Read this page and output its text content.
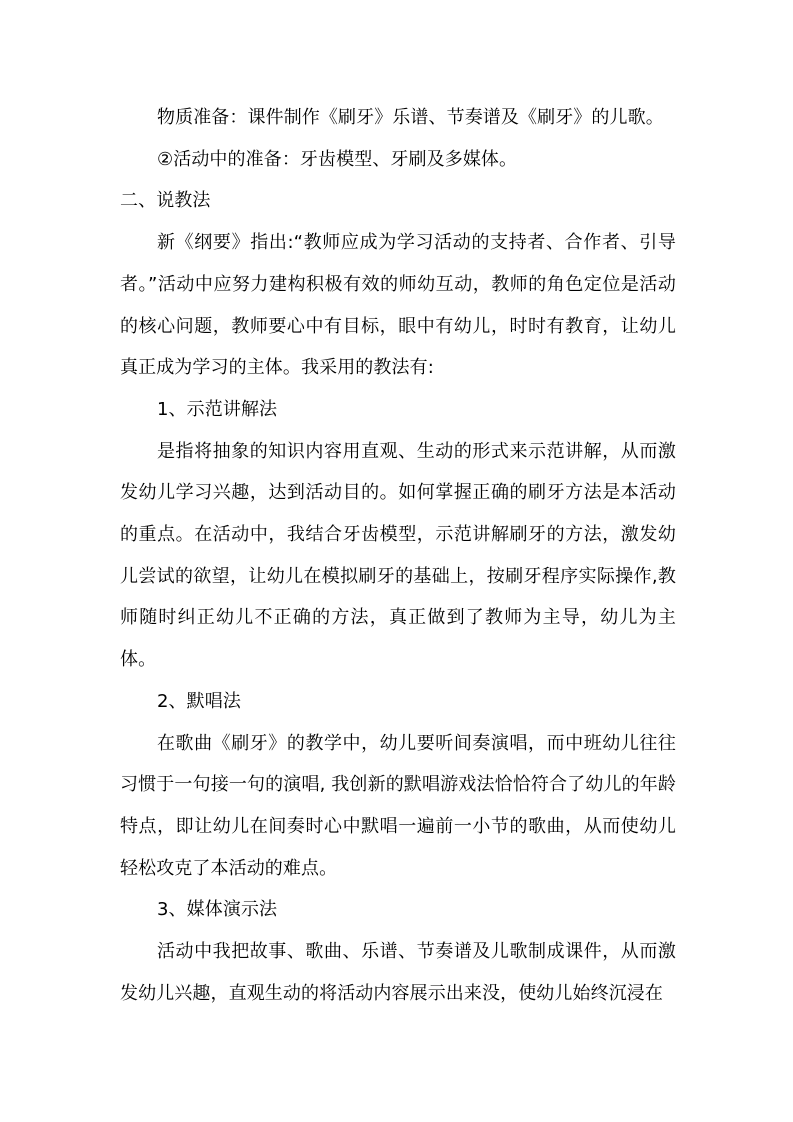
物质准备：课件制作《刷牙》乐谱、节奏谱及《刷牙》的儿歌。

②活动中的准备：牙齿模型、牙刷及多媒体。

二、说教法

新《纲要》指出:“教师应成为学习活动的支持者、合作者、引导者。”活动中应努力建构积极有效的师幼互动，教师的角色定位是活动的核心问题，教师要心中有目标，眼中有幼儿，时时有教育，让幼儿真正成为学习的主体。我采用的教法有:

1、示范讲解法

是指将抽象的知识内容用直观、生动的形式来示范讲解，从而激发幼儿学习兴趣，达到活动目的。如何掌握正确的刷牙方法是本活动的重点。在活动中，我结合牙齿模型，示范讲解刷牙的方法，激发幼儿尝试的欲望，让幼儿在模拟刷牙的基础上，按刷牙程序实际操作,教师随时纠正幼儿不正确的方法，真正做到了教师为主导，幼儿为主体。

2、默唱法

在歌曲《刷牙》的教学中，幼儿要听间奏演唱，而中班幼儿往往习惯于一句接一句的演唱, 我创新的默唱游戏法恰恰符合了幼儿的年龄特点，即让幼儿在间奏时心中默唱一遍前一小节的歌曲，从而使幼儿轻松攻克了本活动的难点。

3、媒体演示法

活动中我把故事、歌曲、乐谱、节奏谱及儿歌制成课件，从而激发幼儿兴趣，直观生动的将活动内容展示出来没，使幼儿始终沉浸在
